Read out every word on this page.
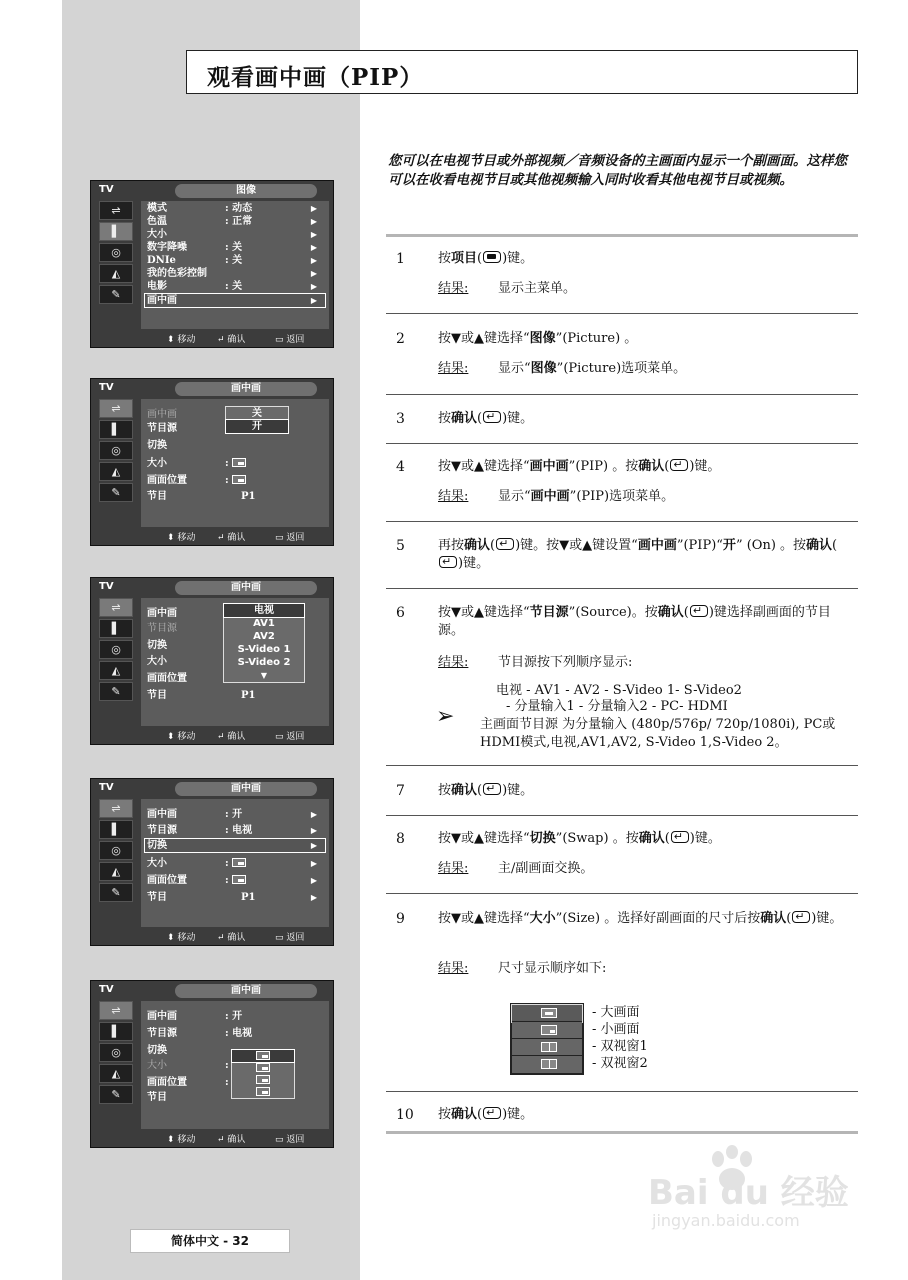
观看画中画（PIP）
您可以在电视节目或外部视频／音频设备的主画面内显示一个副画面。这样您可以在收看电视节目或其他视频输入同时收看其他电视节目或视频。
1	按项目( )键。
结果: 显示主菜单。
2	按▼或▲键选择“图像”(Picture) 。
结果: 显示“图像”(Picture)选项菜单。
3	按确认( ↵ )键。
4	按▼或▲键选择“画中画”(PIP) 。按确认( ↵ )键。
结果: 显示“画中画”(PIP)选项菜单。
5	再按确认( ↵ )键。按▼或▲键设置“画中画”(PIP)“开” (On) 。按确认(↵)键。
6	按▼或▲键选择“节目源”(Source)。按确认( ↵ )键选择副画面的节目源。
结果: 节目源按下列顺序显示:
电视 - AV1 - AV2 - S-Video 1- S-Video2
- 分量输入1 - 分量输入2 - PC- HDMI
➢ 主画面节目源 为分量输入 (480p/576p/ 720p/1080i), PC或HDMI模式,电视,AV1,AV2, S-Video 1,S-Video 2。
7	按确认( ↵ )键。
8	按▼或▲键选择“切换”(Swap) 。按确认( ↵ )键。
结果: 主/副画面交换。
9	按▼或▲键选择“大小”(Size) 。选择好副画面的尺寸后按确认( ↵ )键。
结果: 尺寸显示顺序如下:
- 大画面
- 小画面
- 双视窗1
- 双视窗2
10 按确认( ↵ )键。
TV	图像
⇌
▌
◎
◭
✎
模式	: 动态	▶
色温	: 正常	▶
大小	▶
数字降噪	: 关	▶
DNIe	: 关	▶
我的色彩控制	▶
电影	: 关	▶
画中画	▶
⬍ 移动 ↵ 确认	▭ 返回
TV	画中画
⇌
▌
◎
◭
✎
画中画
节目源
切换
大小	:
画面位置	:
节目	P1
关
开
⬍ 移动 ↵ 确认	▭ 返回
TV	画中画
⇌
▌
◎
◭
✎
画中画
节目源
切换
大小
画面位置
节目	P1
电视
AV1
AV2
S-Video 1
S-Video 2
▼
⬍ 移动 ↵ 确认	▭ 返回
TV	画中画
⇌
▌
◎
◭
✎
画中画	: 开	▶
节目源	: 电视	▶
切换	▶
大小	:	▶
画面位置	:	▶
节目	P1	▶
⬍ 移动 ↵ 确认	▭ 返回
TV	画中画
⇌
▌
◎
◭
✎
画中画	: 开
节目源	: 电视
切换
大小	:
画面位置	:
节目
⬍ 移动 ↵ 确认	▭ 返回
简体中文 - 32
Bai du 经验
jingyan.baidu.com
